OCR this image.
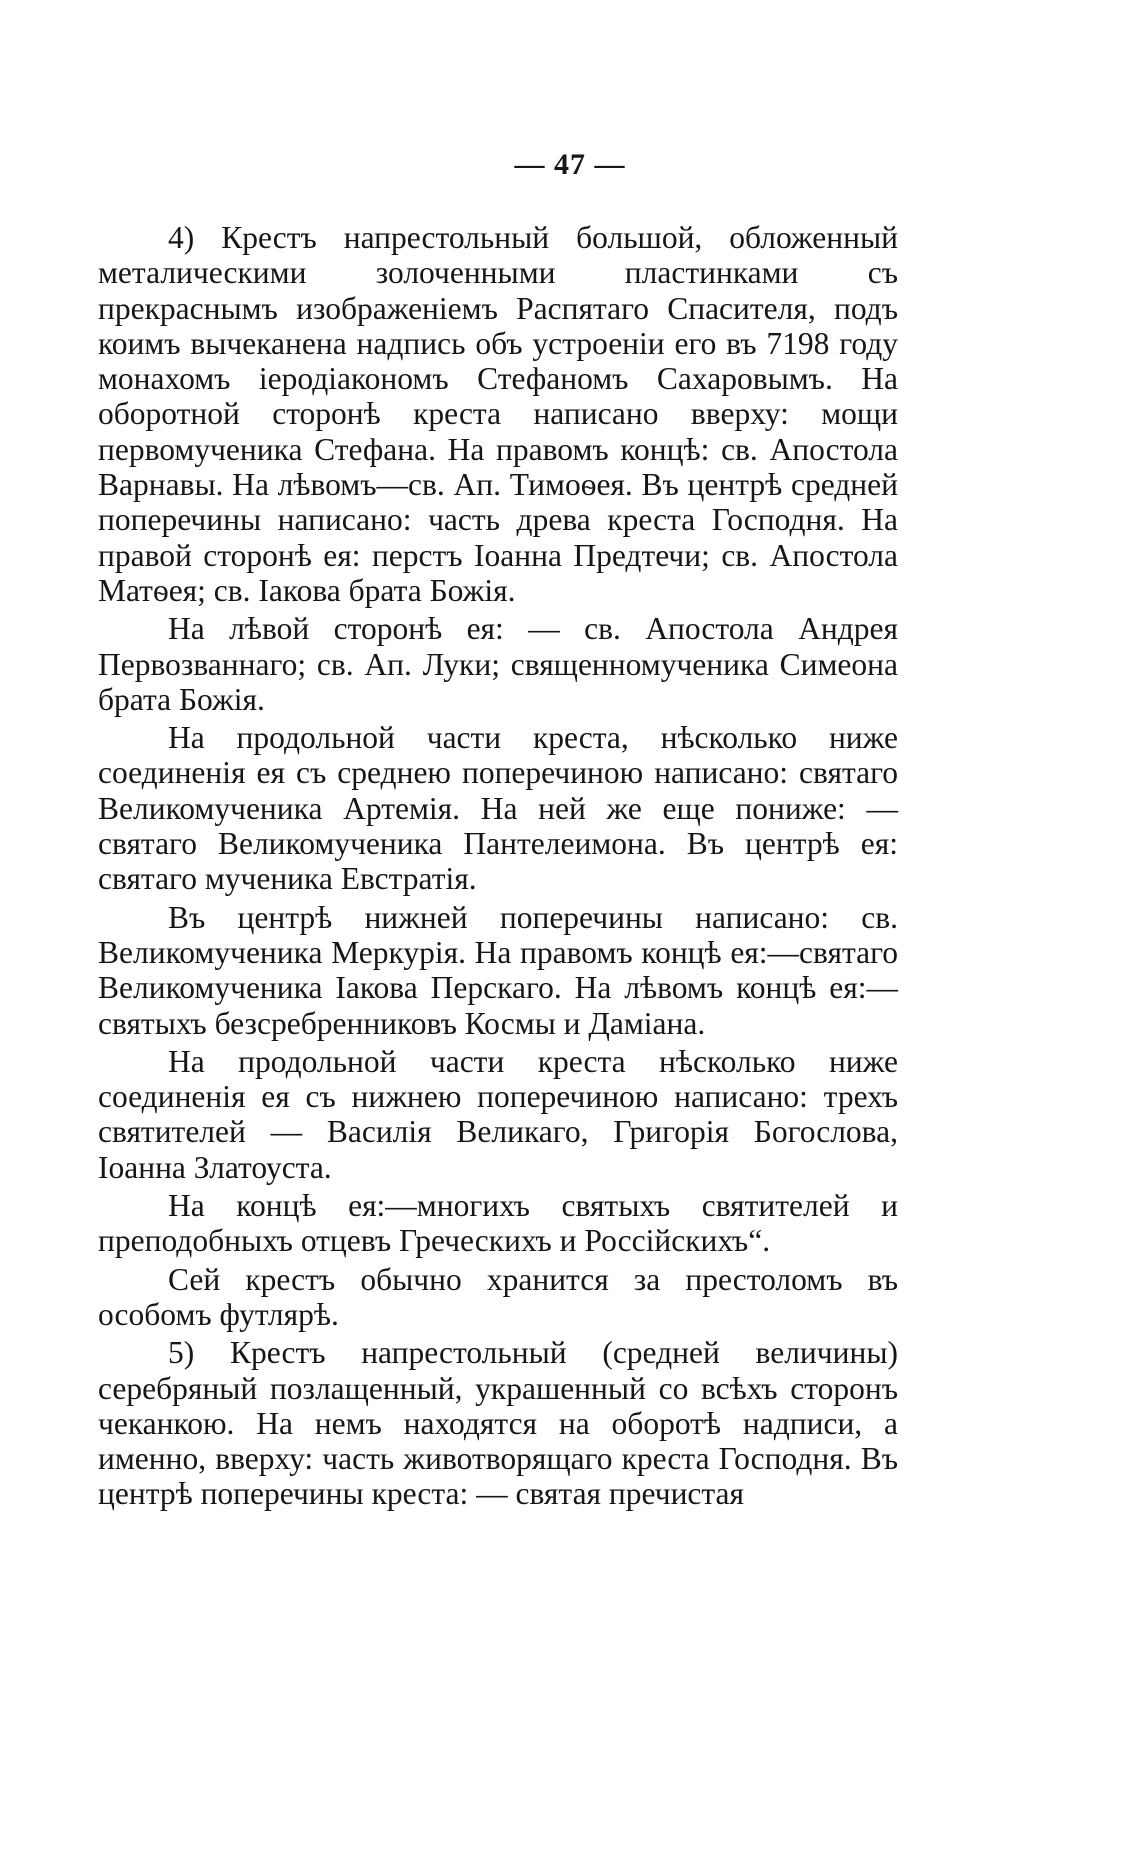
— 47 —

4) Крестъ напрестольный большой, обложенный металическими золоченными пластинками съ прекраснымъ изображеніемъ Распятаго Спасителя, подъ коимъ вычеканена надпись объ устроеніи его въ 7198 году монахомъ іеродіакономъ Стефаномъ Сахаровымъ. На оборотной сторонѣ креста написано вверху: мощи первомученика Стефана. На правомъ концѣ: св. Апостола Варнавы. На лѣвомъ—св. Ап. Тимоѳея. Въ центрѣ средней поперечины написано: часть древа креста Господня. На правой сторонѣ ея: перстъ Іоанна Предтечи; св. Апостола Матѳея; св. Іакова брата Божія.

На лѣвой сторонѣ ея: — св. Апостола Андрея Первозваннаго; св. Ап. Луки; священномученика Симеона брата Божія.

На продольной части креста, нѣсколько ниже соединенія ея съ среднею поперечиною написано: святаго Великомученика Артемія. На ней же еще пониже: —святаго Великомученика Пантелеимона. Въ центрѣ ея: святаго мученика Евстратія.

Въ центрѣ нижней поперечины написано: св. Великомученика Меркурія. На правомъ концѣ ея:—святаго Великомученика Іакова Перскаго. На лѣвомъ концѣ ея:—святыхъ безсребренниковъ Космы и Даміана.

На продольной части креста нѣсколько ниже соединенія ея съ нижнею поперечиною написано: трехъ святителей — Василія Великаго, Григорія Богослова, Іоанна Златоуста.

На концѣ ея:—многихъ святыхъ святителей и преподобныхъ отцевъ Греческихъ и Россійскихъ“.

Сей крестъ обычно хранится за престоломъ въ особомъ футлярѣ.

5) Крестъ напрестольный (средней величины) серебряный позлащенный, украшенный со всѣхъ сторонъ чеканкою. На немъ находятся на оборотѣ надписи, а именно, вверху: часть животворящаго креста Господня. Въ центрѣ поперечины креста: — святая пречистая
